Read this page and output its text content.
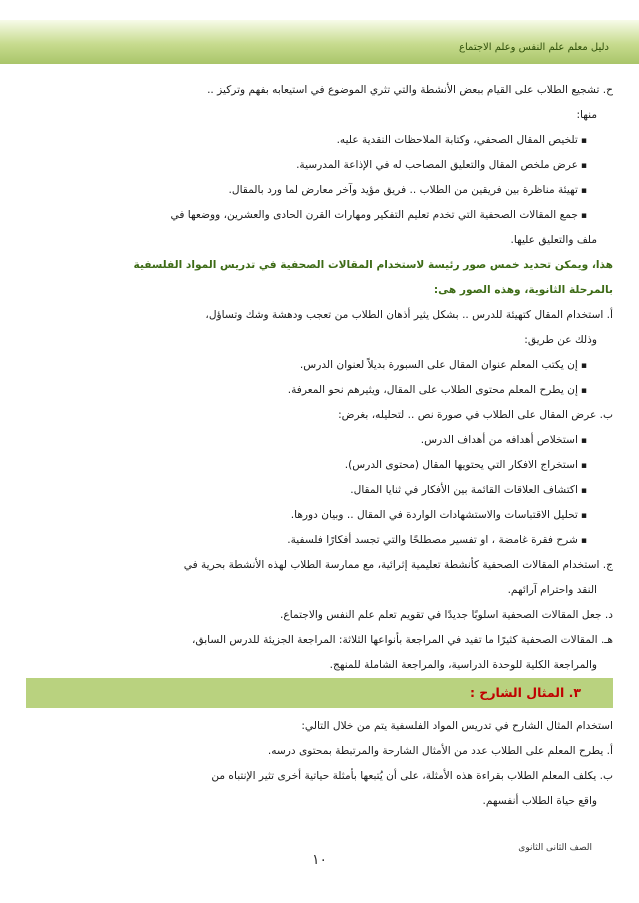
دليل معلم علم النفس وعلم الاجتماع
ح. تشجيع الطلاب على القيام ببعض الأنشطة والتي تثري الموضوع في استيعابه بفهم وتركيز ..
منها:
▪ تلخيص المقال الصحفي، وكتابة الملاحظات النقدية عليه.
▪ عرض ملخص المقال والتعليق المصاحب له في الإذاعة المدرسية.
▪ تهيئة مناظرة بين فريقين من الطلاب .. فريق مؤيد وآخر معارض لما ورد بالمقال.
▪ جمع المقالات الصحفية التي تخدم تعليم التفكير ومهارات القرن الحادى والعشرين، ووضعها في
ملف والتعليق عليها.
هذا، ويمكن تحديد خمس صور رئيسة لاستخدام المقالات الصحفية في تدريس المواد الفلسفية
بالمرحلة الثانوية، وهذه الصور هى:
أ. استخدام المقال كتهيئة للدرس .. بشكل يثير أذهان الطلاب من تعجب ودهشة وشك وتساؤل،
وذلك عن طريق:
▪ إن يكتب المعلم عنوان المقال على السبورة بديلاً لعنوان الدرس.
▪ إن يطرح المعلم محتوى الطلاب على المقال، ويثيرهم نحو المعرفة.
ب. عرض المقال على الطلاب في صورة نص .. لتحليله، بغرض:
▪ استخلاص أهدافه من أهداف الدرس.
▪ استخراج الافكار التي يحتويها المقال (محتوى الدرس).
▪ اكتشاف العلاقات القائمة بين الأفكار في ثنايا المقال.
▪ تحليل الاقتباسات والاستشهادات الواردة في المقال .. وبيان دورها.
▪ شرح فقرة غامضة ، او تفسير مصطلحًا والتي تجسد أفكارًا فلسفية.
ج. استخدام المقالات الصحفية كأنشطة تعليمية إثرائية، مع ممارسة الطلاب لهذه الأنشطة بحرية في
النقد واحترام آرائهم.
د. جعل المقالات الصحفية اسلوبًا جديدًا في تقويم تعلم علم النفس والاجتماع.
هـ. المقالات الصحفية كثيرًا ما تفيد في المراجعة بأنواعها الثلاثة: المراجعة الجزيئة للدرس السابق،
والمراجعة الكلية للوحدة الدراسية، والمراجعة الشاملة للمنهج.
٣. المثال الشارح :
استخدام المثال الشارح في تدريس المواد الفلسفية يتم من خلال التالي:
أ. يطرح المعلم على الطلاب عدد من الأمثال الشارحة والمرتبطة بمحتوى درسه.
ب. يكلف المعلم الطلاب بقراءة هذه الأمثلة، على أن يُتبعها بأمثلة حياتية أخرى تثير الإنتباه من
واقع حياة الطلاب أنفسهم.
الصف الثانى الثانوى
١٠
